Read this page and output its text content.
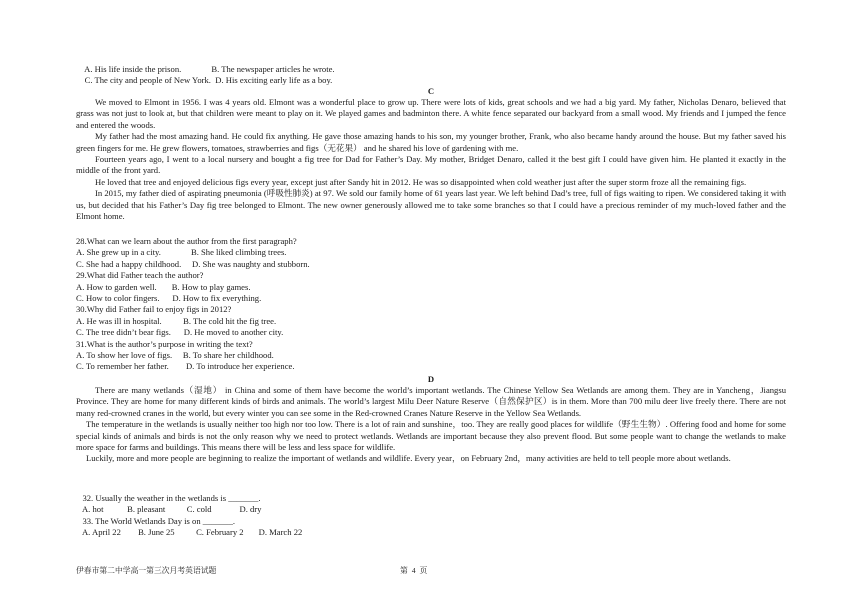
A. His life inside the prison.              B. The newspaper articles he wrote.
C. The city and people of New York.  D. His exciting early life as a boy.
C
We moved to Elmont in 1956. I was 4 years old. Elmont was a wonderful place to grow up. There were lots of kids, great schools and we had a big yard. My father, Nicholas Denaro, believed that grass was not just to look at, but that children were meant to play on it. We played games and badminton there. A white fence separated our backyard from a small wood. My friends and I jumped the fence and entered the woods.
My father had the most amazing hand. He could fix anything. He gave those amazing hands to his son, my younger brother, Frank, who also became handy around the house. But my father saved his green fingers for me. He grew flowers, tomatoes, strawberries and figs（无花果） and he shared his love of gardening with me.
Fourteen years ago, I went to a local nursery and bought a fig tree for Dad for Father’s Day. My mother, Bridget Denaro, called it the best gift I could have given him. He planted it exactly in the middle of the front yard.
He loved that tree and enjoyed delicious figs every year, except just after Sandy hit in 2012. He was so disappointed when cold weather just after the super storm froze all the remaining figs.
In 2015, my father died of aspirating pneumonia (呼吸性肺炎) at 97. We sold our family home of 61 years last year. We left behind Dad’s tree, full of figs waiting to ripen. We considered taking it with us, but decided that his Father’s Day fig tree belonged to Elmont. The new owner generously allowed me to take some branches so that I could have a precious reminder of my much-loved father and the Elmont home.
28.What can we learn about the author from the first paragraph?
A. She grew up in a city.              B. She liked climbing trees.
C. She had a happy childhood.     D. She was naughty and stubborn.
29.What did Father teach the author?
A. How to garden well.       B. How to play games.
C. How to color fingers.      D. How to fix everything.
30.Why did Father fail to enjoy figs in 2012?
A. He was ill in hospital.          B. The cold hit the fig tree.
C. The tree didn’t bear figs.      D. He moved to another city.
31.What is the author’s purpose in writing the text?
A. To show her love of figs.     B. To share her childhood.
C. To remember her father.        D. To introduce her experience.
D
There are many wetlands（湿地） in China and some of them have become the world’s important wetlands. The Chinese Yellow Sea Wetlands are among them. They are in Yancheng，Jiangsu Province. They are home for many different kinds of birds and animals. The world’s largest Milu Deer Nature Reserve（自然保护区）is in them. More than 700 milu deer live freely there. There are not many red-crowned cranes in the world, but every winter you can see some in the Red-crowned Cranes Nature Reserve in the Yellow Sea Wetlands.
The temperature in the wetlands is usually neither too high nor too low. There is a lot of rain and sunshine，too. They are really good places for wildlife（野生生物）. Offering food and home for some special kinds of animals and birds is not the only reason why we need to protect wetlands. Wetlands are important because they also prevent flood. But some people want to change the wetlands to make more space for farms and buildings. This means there will be less and less space for wildlife.
Luckily, more and more people are beginning to realize the important of wetlands and wildlife. Every year，on February 2nd，many activities are held to tell people more about wetlands.
32. Usually the weather in the wetlands is _______.
A. hot           B. pleasant          C. cold             D. dry
33. The World Wetlands Day is on _______.
A. April 22        B. June 25          C. February 2       D. March 22
伊春市第二中学高一第三次月考英语试题	第  4  页
